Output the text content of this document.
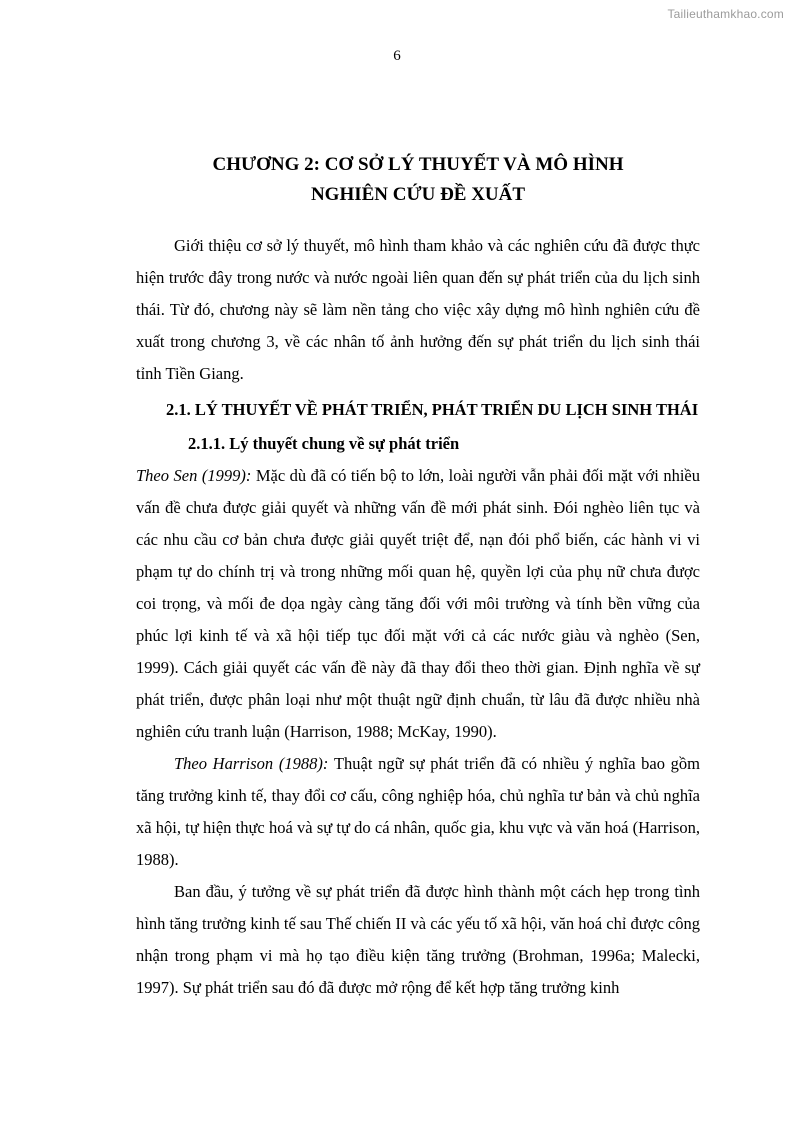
Tailieuthamkhao.com
6
CHƯƠNG 2: CƠ SỞ LÝ THUYẾT VÀ MÔ HÌNH
NGHIÊN CỨU ĐỀ XUẤT

Giới thiệu cơ sở lý thuyết, mô hình tham khảo và các nghiên cứu đã được thực hiện trước đây trong nước và nước ngoài liên quan đến sự phát triển của du lịch sinh thái. Từ đó, chương này sẽ làm nền tảng cho việc xây dựng mô hình nghiên cứu đề xuất trong chương 3, về các nhân tố ảnh hưởng đến sự phát triển du lịch sinh thái tỉnh Tiền Giang.

2.1. LÝ THUYẾT VỀ PHÁT TRIỂN, PHÁT TRIỂN DU LỊCH SINH THÁI

2.1.1. Lý thuyết chung về sự phát triển

Theo Sen (1999): Mặc dù đã có tiến bộ to lớn, loài người vẫn phải đối mặt với nhiều vấn đề chưa được giải quyết và những vấn đề mới phát sinh. Đói nghèo liên tục và các nhu cầu cơ bản chưa được giải quyết triệt để, nạn đói phổ biến, các hành vi vi phạm tự do chính trị và trong những mối quan hệ, quyền lợi của phụ nữ chưa được coi trọng, và mối đe dọa ngày càng tăng đối với môi trường và tính bền vững của phúc lợi kinh tế và xã hội tiếp tục đối mặt với cả các nước giàu và nghèo (Sen, 1999). Cách giải quyết các vấn đề này đã thay đổi theo thời gian. Định nghĩa về sự phát triển, được phân loại như một thuật ngữ định chuẩn, từ lâu đã được nhiều nhà nghiên cứu tranh luận (Harrison, 1988; McKay, 1990).

Theo Harrison (1988): Thuật ngữ sự phát triển đã có nhiều ý nghĩa bao gồm tăng trưởng kinh tế, thay đổi cơ cấu, công nghiệp hóa, chủ nghĩa tư bản và chủ nghĩa xã hội, tự hiện thực hoá và sự tự do cá nhân, quốc gia, khu vực và văn hoá (Harrison, 1988).

Ban đầu, ý tưởng về sự phát triển đã được hình thành một cách hẹp trong tình hình tăng trưởng kinh tế sau Thế chiến II và các yếu tố xã hội, văn hoá chỉ được công nhận trong phạm vi mà họ tạo điều kiện tăng trưởng (Brohman, 1996a; Malecki, 1997). Sự phát triển sau đó đã được mở rộng để kết hợp tăng trưởng kinh
